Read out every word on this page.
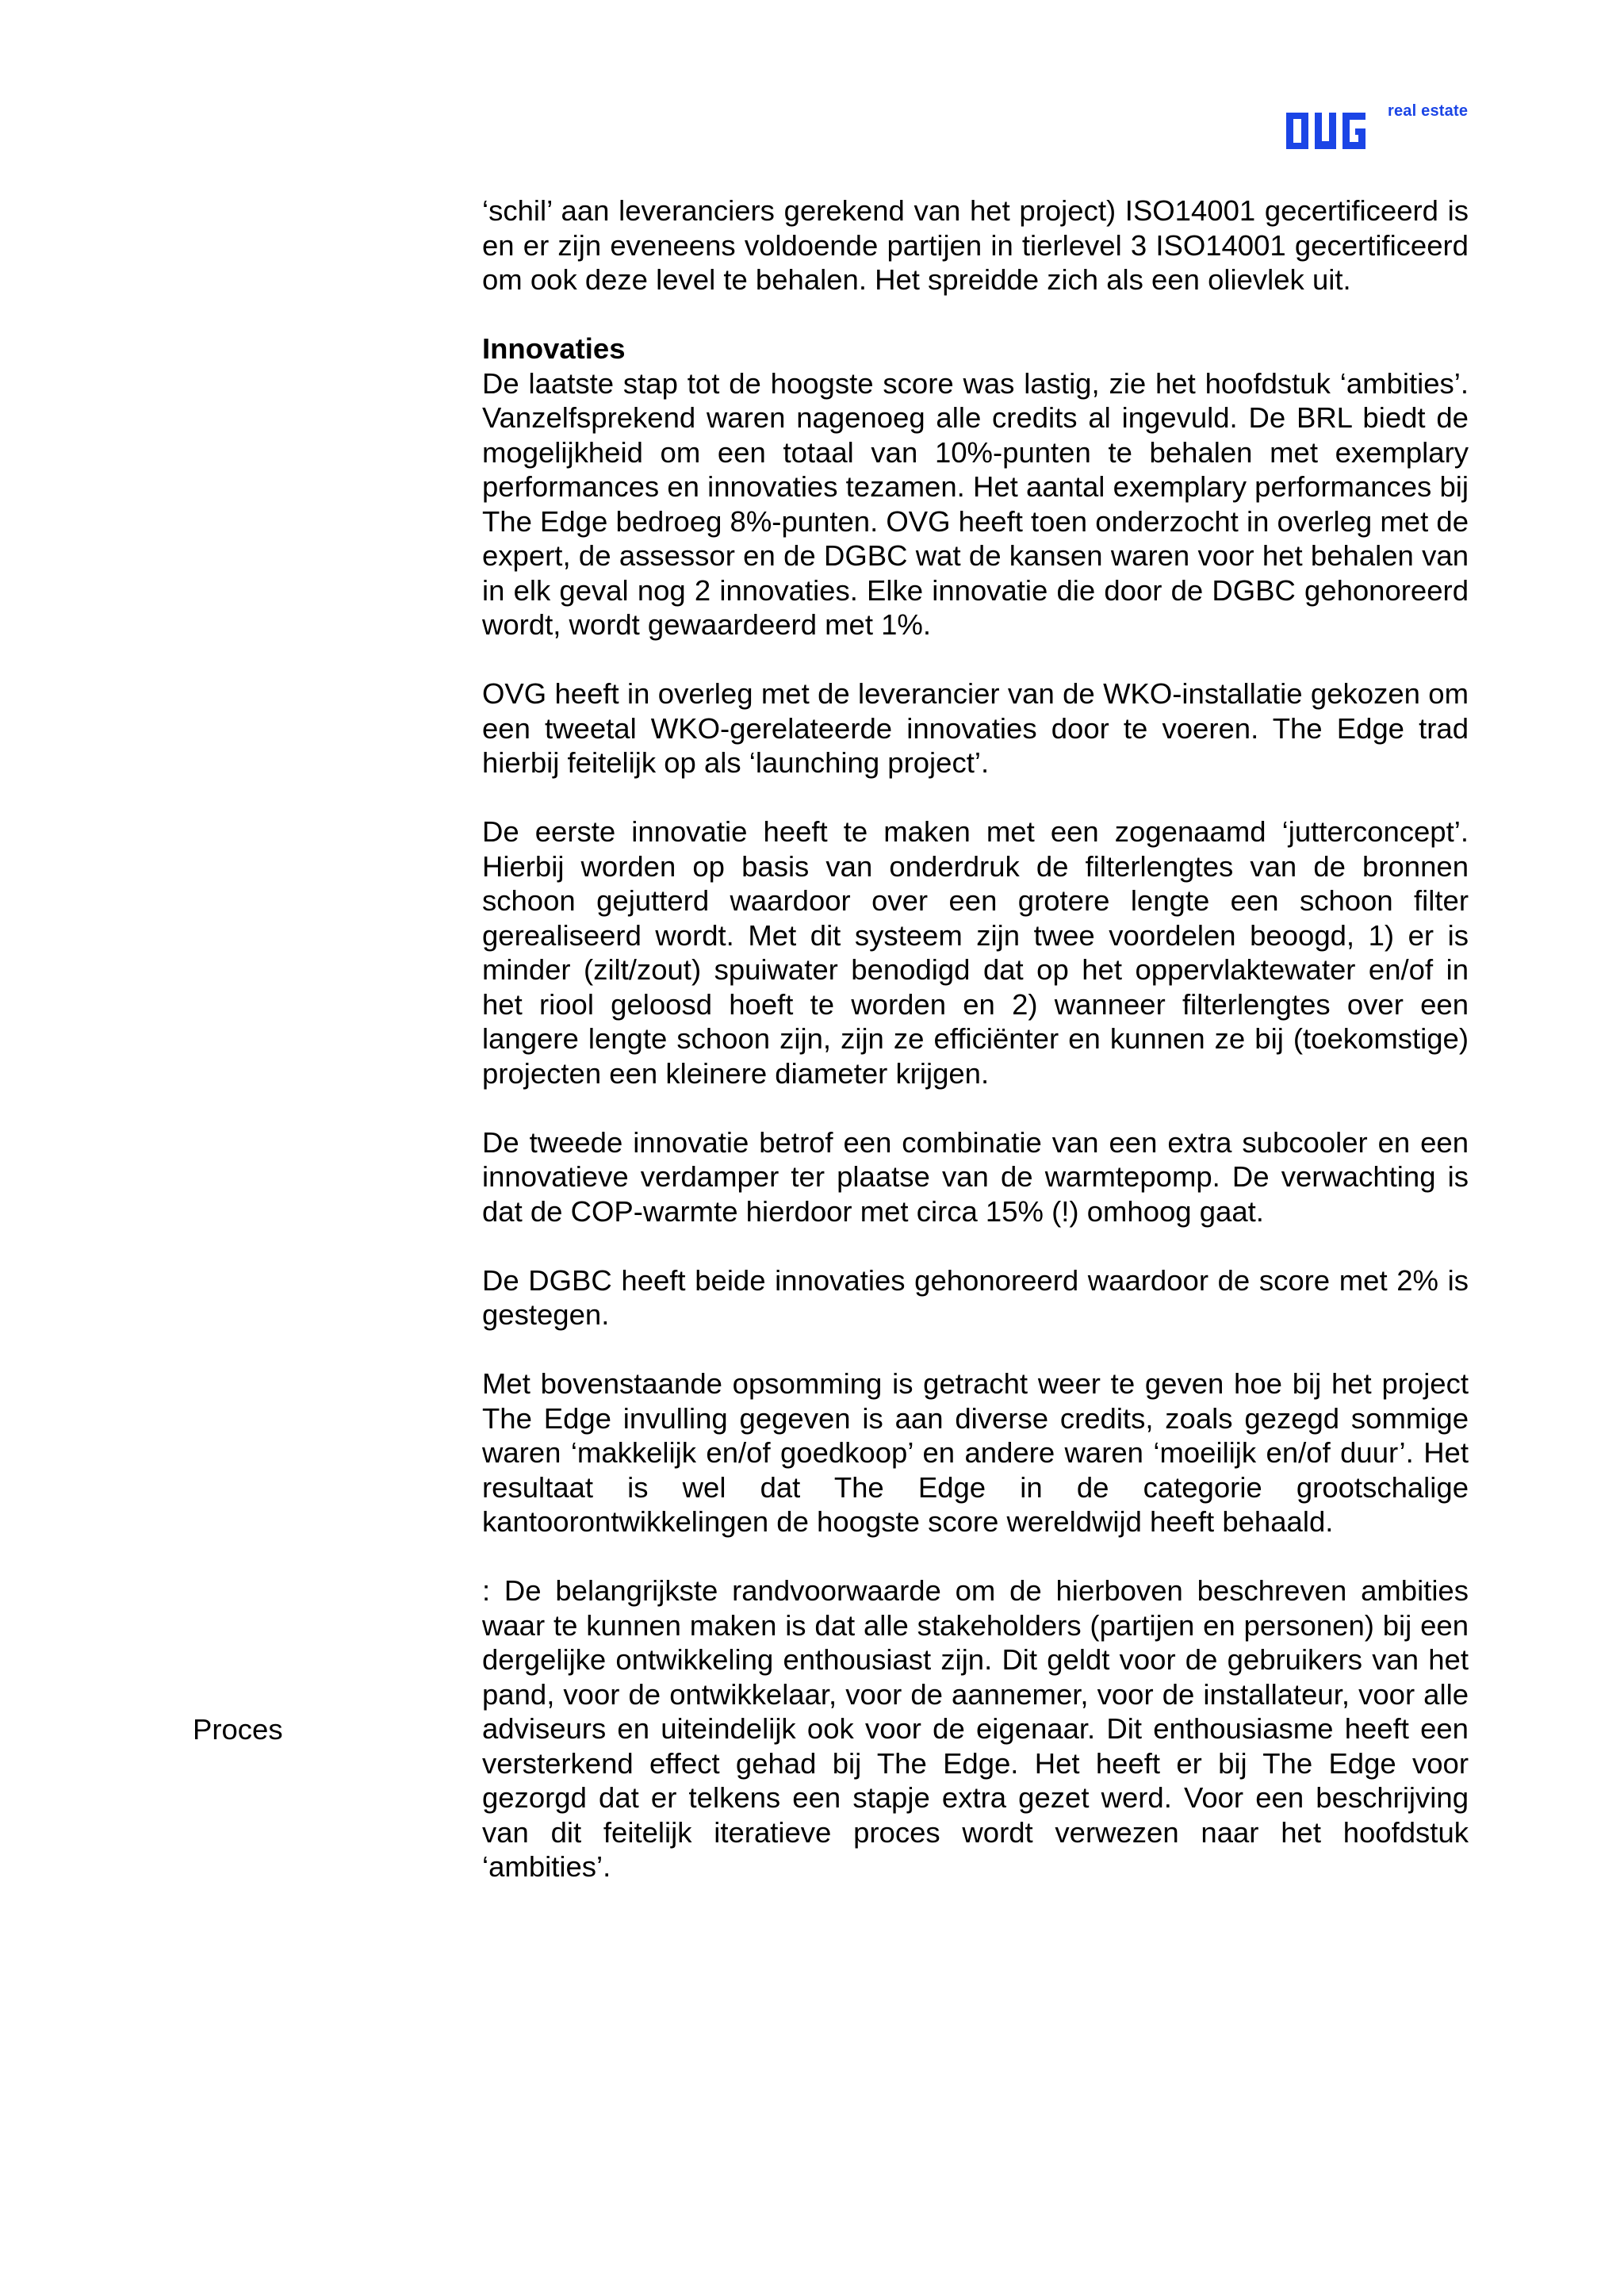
real estate

‘schil’ aan leveranciers gerekend van het project) ISO14001 gecertificeerd is en er zijn eveneens voldoende partijen in tierlevel 3 ISO14001 gecertificeerd om ook deze level te behalen. Het spreidde zich als een olievlek uit.

Innovaties

De laatste stap tot de hoogste score was lastig, zie het hoofdstuk ‘ambities’. Vanzelfsprekend waren nagenoeg alle credits al ingevuld. De BRL biedt de mogelijkheid om een totaal van 10%-punten te behalen met exemplary performances en innovaties tezamen. Het aantal exemplary performances bij The Edge bedroeg 8%-punten. OVG heeft toen onderzocht in overleg met de expert, de assessor en de DGBC wat de kansen waren voor het behalen van in elk geval nog 2 innovaties. Elke innovatie die door de DGBC gehonoreerd wordt, wordt gewaardeerd met 1%.

OVG heeft in overleg met de leverancier van de WKO-installatie gekozen om een tweetal WKO-gerelateerde innovaties door te voeren. The Edge trad hierbij feitelijk op als ‘launching project’.

De eerste innovatie heeft te maken met een zogenaamd ‘jutterconcept’. Hierbij worden op basis van onderdruk de filterlengtes van de bronnen schoon gejutterd waardoor over een grotere lengte een schoon filter gerealiseerd wordt. Met dit systeem zijn twee voordelen beoogd, 1) er is minder (zilt/zout) spuiwater benodigd dat op het oppervlaktewater en/of in het riool geloosd hoeft te worden en 2) wanneer filterlengtes over een langere lengte schoon zijn, zijn ze efficiënter en kunnen ze bij (toekomstige) projecten een kleinere diameter krijgen.

De tweede innovatie betrof een combinatie van een extra subcooler en een innovatieve verdamper ter plaatse van de warmtepomp. De verwachting is dat de COP-warmte hierdoor met circa 15% (!) omhoog gaat.

De DGBC heeft beide innovaties gehonoreerd waardoor de score met 2% is gestegen.

Met bovenstaande opsomming is getracht weer te geven hoe bij het project The Edge invulling gegeven is aan diverse credits, zoals gezegd sommige waren ‘makkelijk en/of goedkoop’ en andere waren ‘moeilijk en/of duur’. Het resultaat is wel dat The Edge in de categorie grootschalige kantoorontwikkelingen de hoogste score wereldwijd heeft behaald.

: De belangrijkste randvoorwaarde om de hierboven beschreven ambities waar te kunnen maken is dat alle stakeholders (partijen en personen) bij een dergelijke ontwikkeling enthousiast zijn. Dit geldt voor de gebruikers van het pand, voor de ontwikkelaar, voor de aannemer, voor de installateur, voor alle adviseurs en uiteindelijk ook voor de eigenaar. Dit enthousiasme heeft een versterkend effect gehad bij The Edge. Het heeft er bij The Edge voor gezorgd dat er telkens een stapje extra gezet werd. Voor een beschrijving van dit feitelijk iteratieve proces wordt verwezen naar het hoofdstuk ‘ambities’.

Proces
